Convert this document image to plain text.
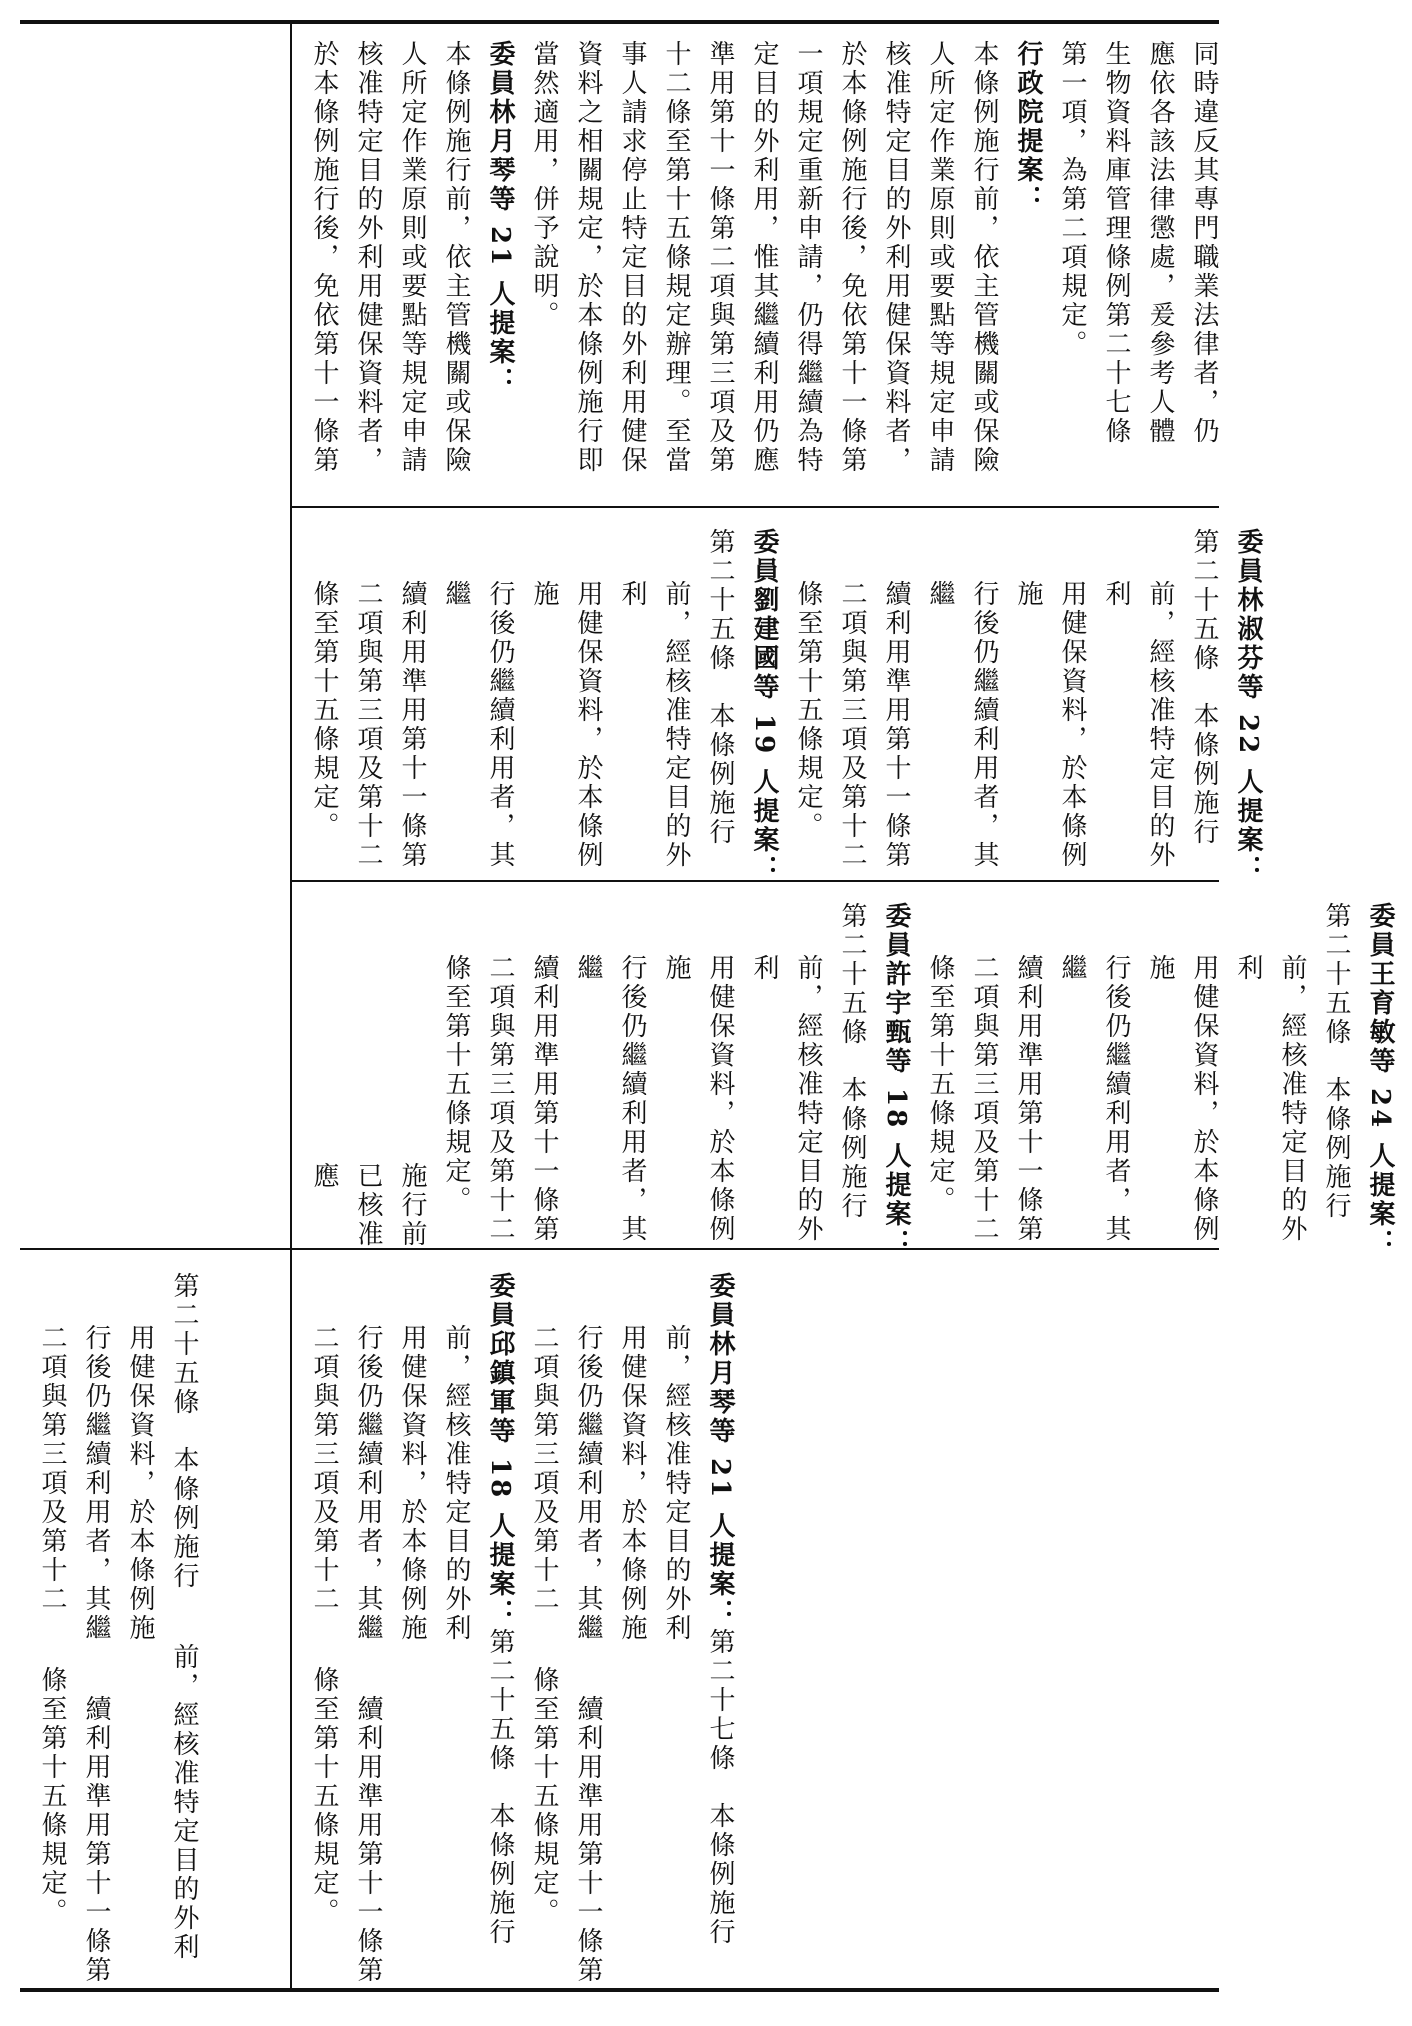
第二十五條　本條例施行前，經核准特定目的外利用健保資料，於本條例施行後仍繼續利用者，其繼續利用準用第十一條第二項與第三項及第十二條至第十五條規定。
委員林月琴等 21 人提案：第二十七條　本條例施行前，經核准特定目的外利用健保資料，於本條例施行後仍繼續利用者，其繼續利用準用第十一條第二項與第三項及第十二條至第十五條規定。委員邱鎮軍等 18 人提案：第二十五條　本條例施行前，經核准特定目的外利用健保資料，於本條例施行後仍繼續利用者，其繼續利用準用第十一條第二項與第三項及第十二條至第十五條規定。
委員王育敏等 24 人提案：第二十五條　本條例施行前，經核准特定目的外利用健保資料，於本條例施行後仍繼續利用者，其繼續利用準用第十一條第二項與第三項及第十二條至第十五條規定。委員許宇甄等 18 人提案：第二十五條　本條例施行前，經核准特定目的外利用健保資料，於本條例施行後仍繼續利用者，其繼續利用準用第十一條第二項與第三項及第十二條至第十五條規定。施行前已核准應
委員林淑芬等 22 人提案：第二十五條　本條例施行前，經核准特定目的外利用健保資料，於本條例施行後仍繼續利用者，其繼續利用準用第十一條第二項與第三項及第十二條至第十五條規定。委員劉建國等 19 人提案：第二十五條　本條例施行前，經核准特定目的外利用健保資料，於本條例施行後仍繼續利用者，其繼續利用準用第十一條第二項與第三項及第十二條至第十五條規定。
同時違反其專門職業法律者，仍應依各該法律懲處，爰參考人體生物資料庫管理條例第二十七條第一項，為第二項規定。行政院提案：本條例施行前，依主管機關或保險人所定作業原則或要點等規定申請核准特定目的外利用健保資料者，於本條例施行後，免依第十一條第一項規定重新申請，仍得繼續為特定目的外利用，惟其繼續利用仍應準用第十一條第二項與第三項及第十二條至第十五條規定辦理。至當事人請求停止特定目的外利用健保資料之相關規定，於本條例施行即當然適用，併予說明。委員林月琴等 21 人提案：本條例施行前，依主管機關或保險人所定作業原則或要點等規定申請核准特定目的外利用健保資料者，於本條例施行後，免依第十一條第
